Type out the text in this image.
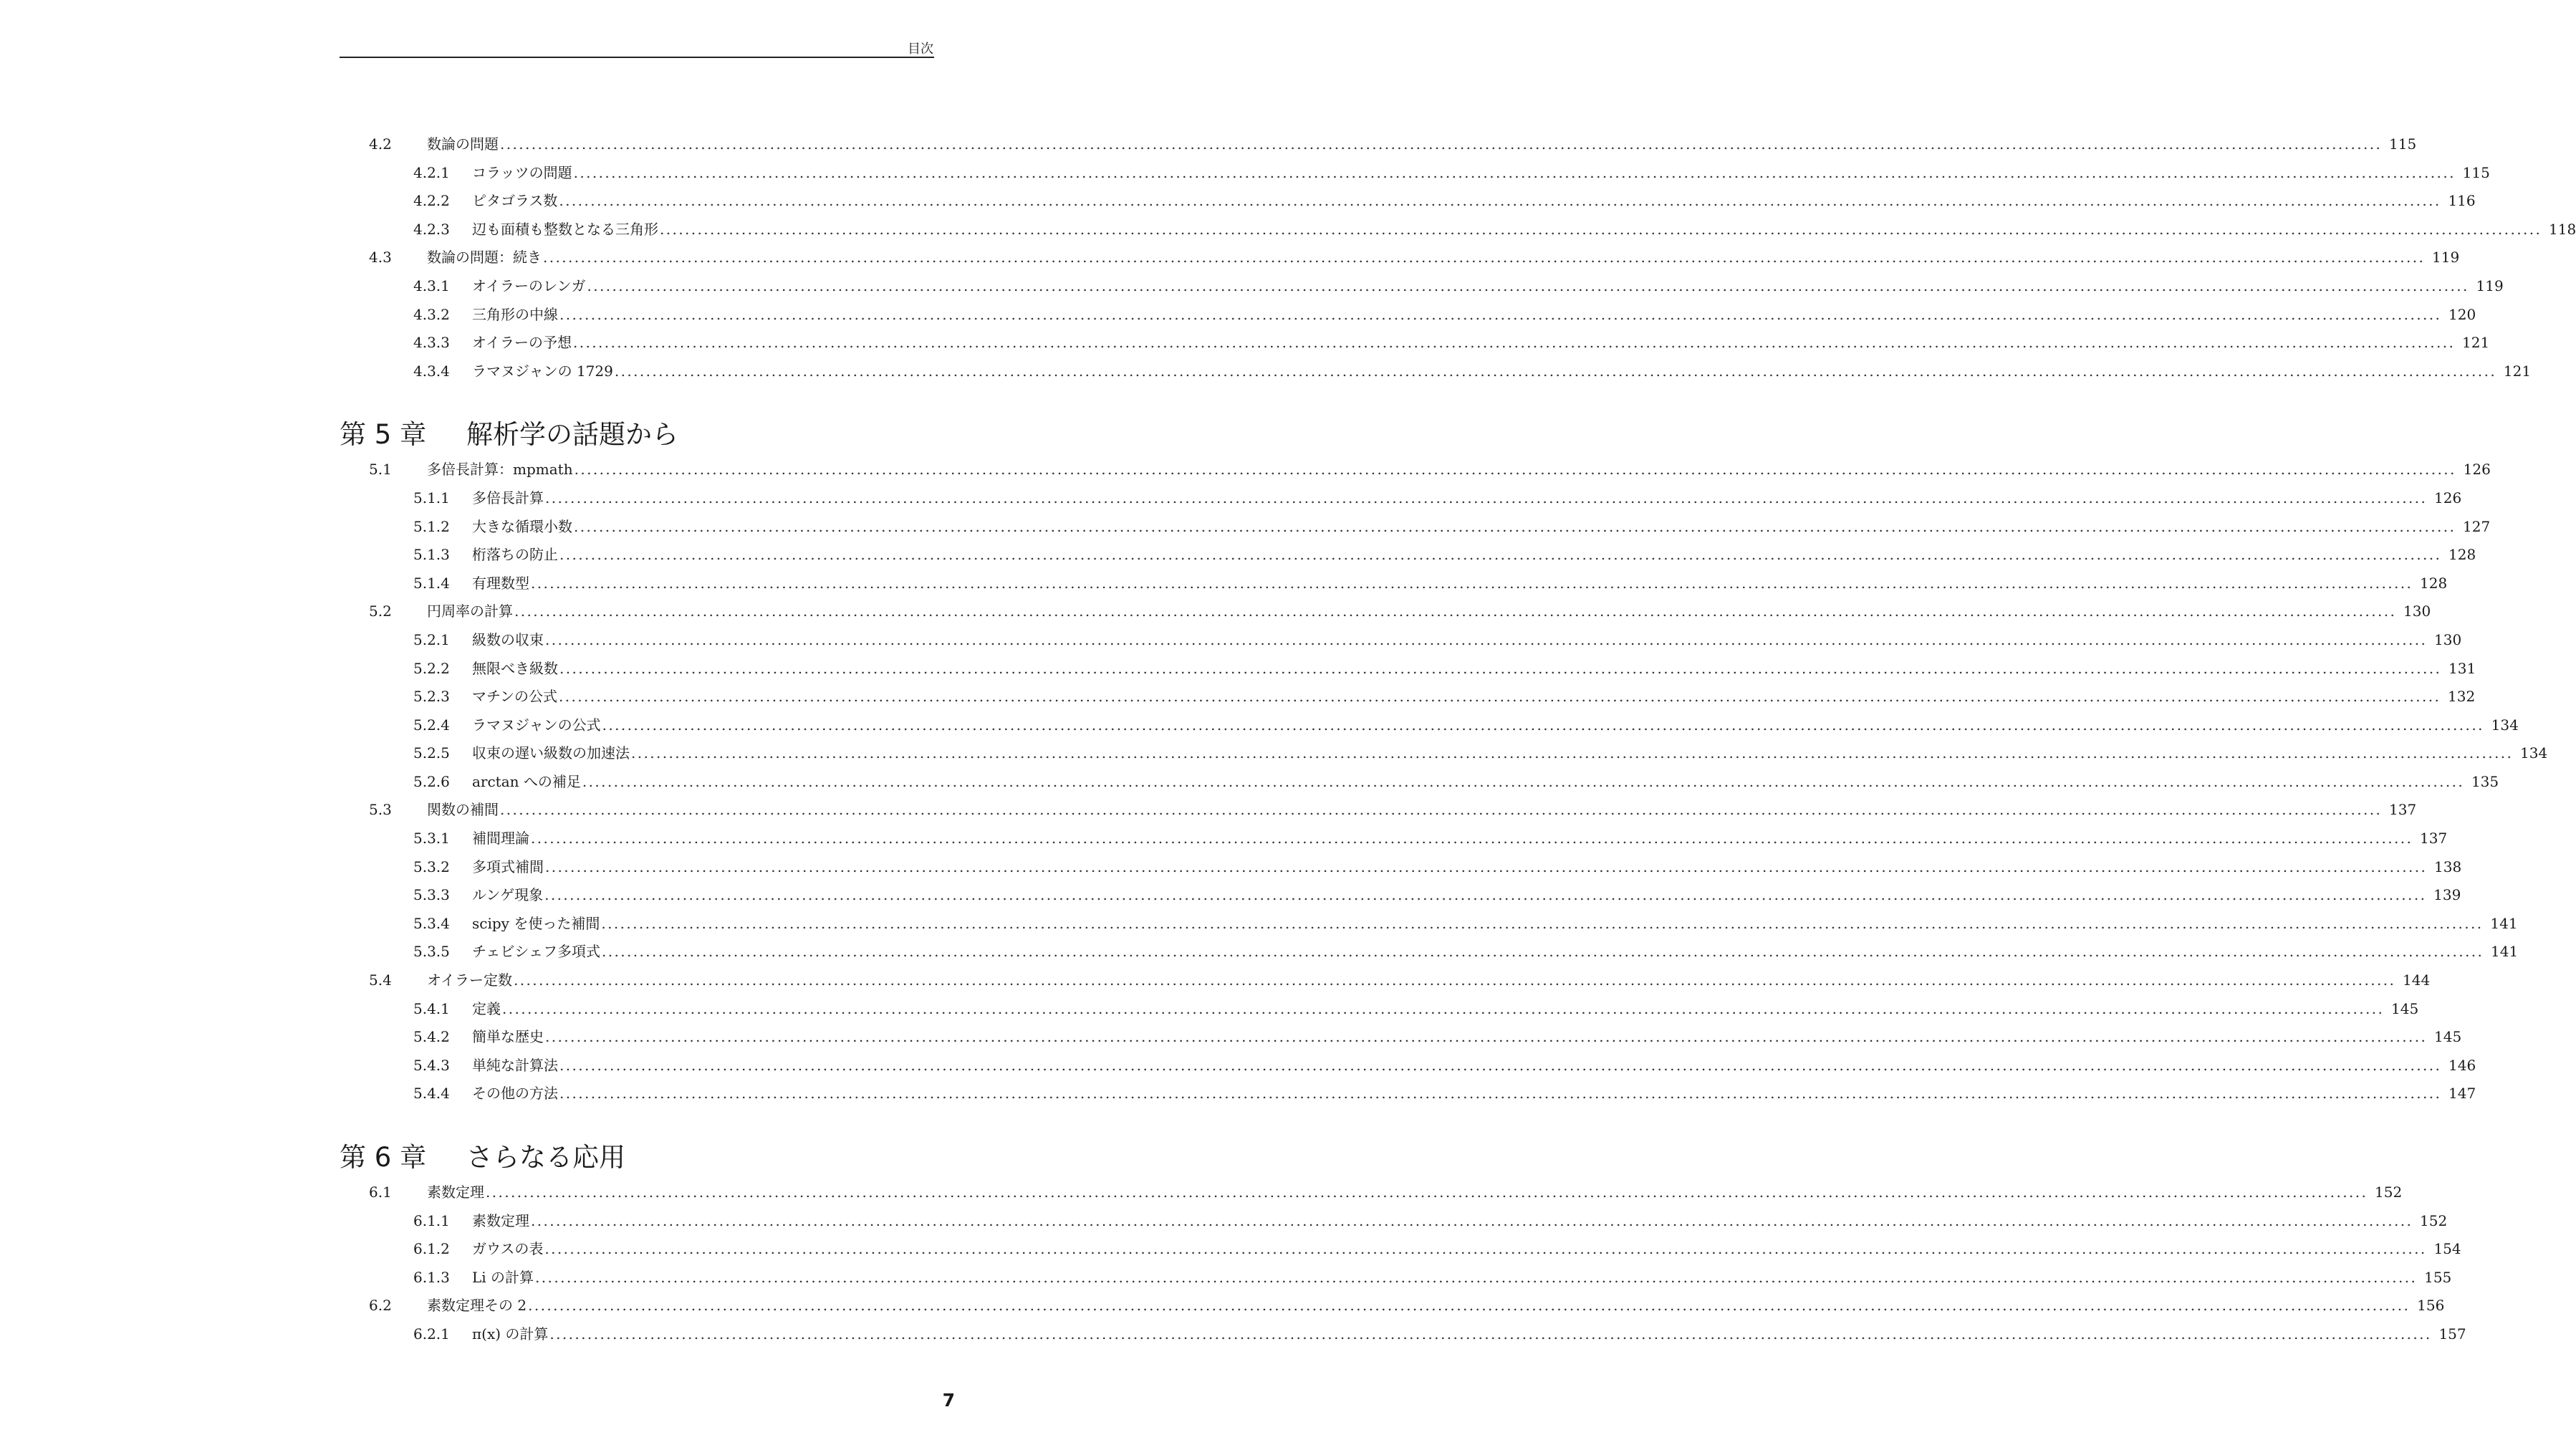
目次
4.2 数論の問題 ............................................................................................................................................................................................................................................................................................................ 115
4.2.1 コラッツの問題 ............................................................................................................................................................................................................................................................................................................ 115
4.2.2 ピタゴラス数 ............................................................................................................................................................................................................................................................................................................ 116
4.2.3 辺も面積も整数となる三角形 ............................................................................................................................................................................................................................................................................................................ 118
4.3 数論の問題：続き ............................................................................................................................................................................................................................................................................................................ 119
4.3.1 オイラーのレンガ ............................................................................................................................................................................................................................................................................................................ 119
4.3.2 三角形の中線 ............................................................................................................................................................................................................................................................................................................ 120
4.3.3 オイラーの予想 ............................................................................................................................................................................................................................................................................................................ 121
4.3.4 ラマヌジャンの 1729 ............................................................................................................................................................................................................................................................................................................ 121
第 5 章 解析学の話題から
5.1 多倍長計算：mpmath ............................................................................................................................................................................................................................................................................................................ 126
5.1.1 多倍長計算 ............................................................................................................................................................................................................................................................................................................ 126
5.1.2 大きな循環小数 ............................................................................................................................................................................................................................................................................................................ 127
5.1.3 桁落ちの防止 ............................................................................................................................................................................................................................................................................................................ 128
5.1.4 有理数型 ............................................................................................................................................................................................................................................................................................................ 128
5.2 円周率の計算 ............................................................................................................................................................................................................................................................................................................ 130
5.2.1 級数の収束 ............................................................................................................................................................................................................................................................................................................ 130
5.2.2 無限べき級数 ............................................................................................................................................................................................................................................................................................................ 131
5.2.3 マチンの公式 ............................................................................................................................................................................................................................................................................................................ 132
5.2.4 ラマヌジャンの公式 ............................................................................................................................................................................................................................................................................................................ 134
5.2.5 収束の遅い級数の加速法 ............................................................................................................................................................................................................................................................................................................ 134
5.2.6 arctan への補足 ............................................................................................................................................................................................................................................................................................................ 135
5.3 関数の補間 ............................................................................................................................................................................................................................................................................................................ 137
5.3.1 補間理論 ............................................................................................................................................................................................................................................................................................................ 137
5.3.2 多項式補間 ............................................................................................................................................................................................................................................................................................................ 138
5.3.3 ルンゲ現象 ............................................................................................................................................................................................................................................................................................................ 139
5.3.4 scipy を使った補間 ............................................................................................................................................................................................................................................................................................................ 141
5.3.5 チェビシェフ多項式 ............................................................................................................................................................................................................................................................................................................ 141
5.4 オイラー定数 ............................................................................................................................................................................................................................................................................................................ 144
5.4.1 定義 ............................................................................................................................................................................................................................................................................................................ 145
5.4.2 簡単な歴史 ............................................................................................................................................................................................................................................................................................................ 145
5.4.3 単純な計算法 ............................................................................................................................................................................................................................................................................................................ 146
5.4.4 その他の方法 ............................................................................................................................................................................................................................................................................................................ 147
第 6 章 さらなる応用
6.1 素数定理 ............................................................................................................................................................................................................................................................................................................ 152
6.1.1 素数定理 ............................................................................................................................................................................................................................................................................................................ 152
6.1.2 ガウスの表 ............................................................................................................................................................................................................................................................................................................ 154
6.1.3 Li の計算 ............................................................................................................................................................................................................................................................................................................ 155
6.2 素数定理その 2 ............................................................................................................................................................................................................................................................................................................ 156
6.2.1 π(x) の計算 ............................................................................................................................................................................................................................................................................................................ 157
7
